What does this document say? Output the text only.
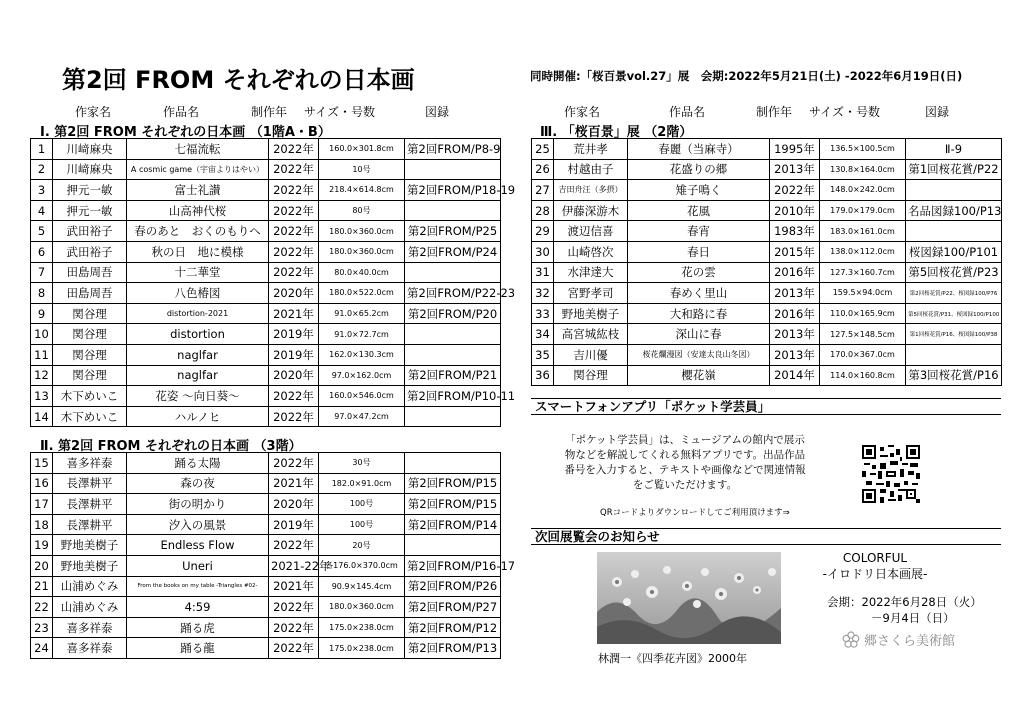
第2回 FROM それぞれの日本画	同時開催:「桜百景vol.27」展　会期:2022年5月21日(土) -2022年6月19日(日)
作家名	作品名	制作年 サイズ・号数	図録	作家名	作品名	制作年 サイズ・号数	図録
Ⅰ. 第2回 FROM それぞれの日本画 （1階A・B）
1	川﨑麻央	七福流転	2022年	160.0×301.8cm	第2回FROM/P8-9
2	川﨑麻央	A cosmic game（宇宙よりはやい）	2022年	10号	
3	押元一敏	富士礼讃	2022年	218.4×614.8cm	第2回FROM/P18-19
4	押元一敏	山高神代桜	2022年	80号	
5	武田裕子	春のあと　おくのもりへ	2022年	180.0×360.0cm	第2回FROM/P25
6	武田裕子	秋の日　地に模様	2022年	180.0×360.0cm	第2回FROM/P24
7	田島周吾	十二華堂	2022年	80.0×40.0cm	
8	田島周吾	八色椿図	2020年	180.0×522.0cm	第2回FROM/P22-23
9	関谷理	distortion-2021	2021年	91.0×65.2cm	第2回FROM/P20
10	関谷理	distortion	2019年	91.0×72.7cm	
11	関谷理	naglfar	2019年	162.0×130.3cm	
12	関谷理	naglfar	2020年	97.0×162.0cm	第2回FROM/P21
13	木下めいこ	花姿 ～向日葵～	2022年	160.0×546.0cm	第2回FROM/P10-11
14	木下めいこ	ハルノヒ	2022年	97.0×47.2cm	
Ⅱ. 第2回 FROM それぞれの日本画 （3階）
15	喜多祥泰	踊る太陽	2022年	30号	
16	長澤耕平	森の夜	2021年	182.0×91.0cm	第2回FROM/P15
17	長澤耕平	街の明かり	2020年	100号	第2回FROM/P15
18	長澤耕平	汐入の風景	2019年	100号	第2回FROM/P14
19	野地美樹子	Endless Flow	2022年	20号	
20	野地美樹子	Uneri	2021-22年	各176.0×370.0cm	第2回FROM/P16-17
21	山浦めぐみ	From the books on my table -Triangles #02-	2021年	90.9×145.4cm	第2回FROM/P26
22	山浦めぐみ	4:59	2022年	180.0×360.0cm	第2回FROM/P27
23	喜多祥泰	踊る虎	2022年	175.0×238.0cm	第2回FROM/P12
24	喜多祥泰	踊る龍	2022年	175.0×238.0cm	第2回FROM/P13
Ⅲ. 「桜百景」展 （2階）
25	荒井孝	春麗（当麻寺）	1995年	136.5×100.5cm	Ⅱ-9
26	村越由子	花盛りの郷	2013年	130.8×164.0cm	第1回桜花賞/P22
27	吉田舟汪（多摂）	雉子鳴く	2022年	148.0×242.0cm	
28	伊藤深游木	花風	2010年	179.0×179.0cm	名品図録100/P13
29	渡辺信喜	春宵	1983年	183.0×161.0cm	
30	山崎啓次	春日	2015年	138.0×112.0cm	桜図録100/P101
31	水津達大	花の雲	2016年	127.3×160.7cm	第5回桜花賞/P23
32	宮野孝司	春めく里山	2013年	159.5×94.0cm	第2回桜花賞/P22、桜図録100/P76
33	野地美樹子	大和路に春	2016年	110.0×165.9cm	第5回桜花賞/P31、桜図録100/P100
34	高宮城紘枝	深山に春	2013年	127.5×148.5cm	第1回桜花賞/P16、桜図録100/P38
35	吉川優	桜花爛漫図（安達太良山冬図）	2013年	170.0×367.0cm	
36	関谷理	櫻花嶺	2014年	114.0×160.8cm	第3回桜花賞/P16
スマートフォンアプリ「ポケット学芸員」
「ポケット学芸員」は、ミュージアムの館内で展示物などを解説してくれる無料アプリです。出品作品番号を入力すると、テキストや画像などで関連情報をご覧いただけます。
QRコードよりダウンロードしてご利用頂けます⇒
次回展覧会のお知らせ
林潤一《四季花卉図》2000年
COLORFUL
-イロドリ日本画展-
会期：2022年6月28日（火）
－9月4日（日）
郷さくら美術館
